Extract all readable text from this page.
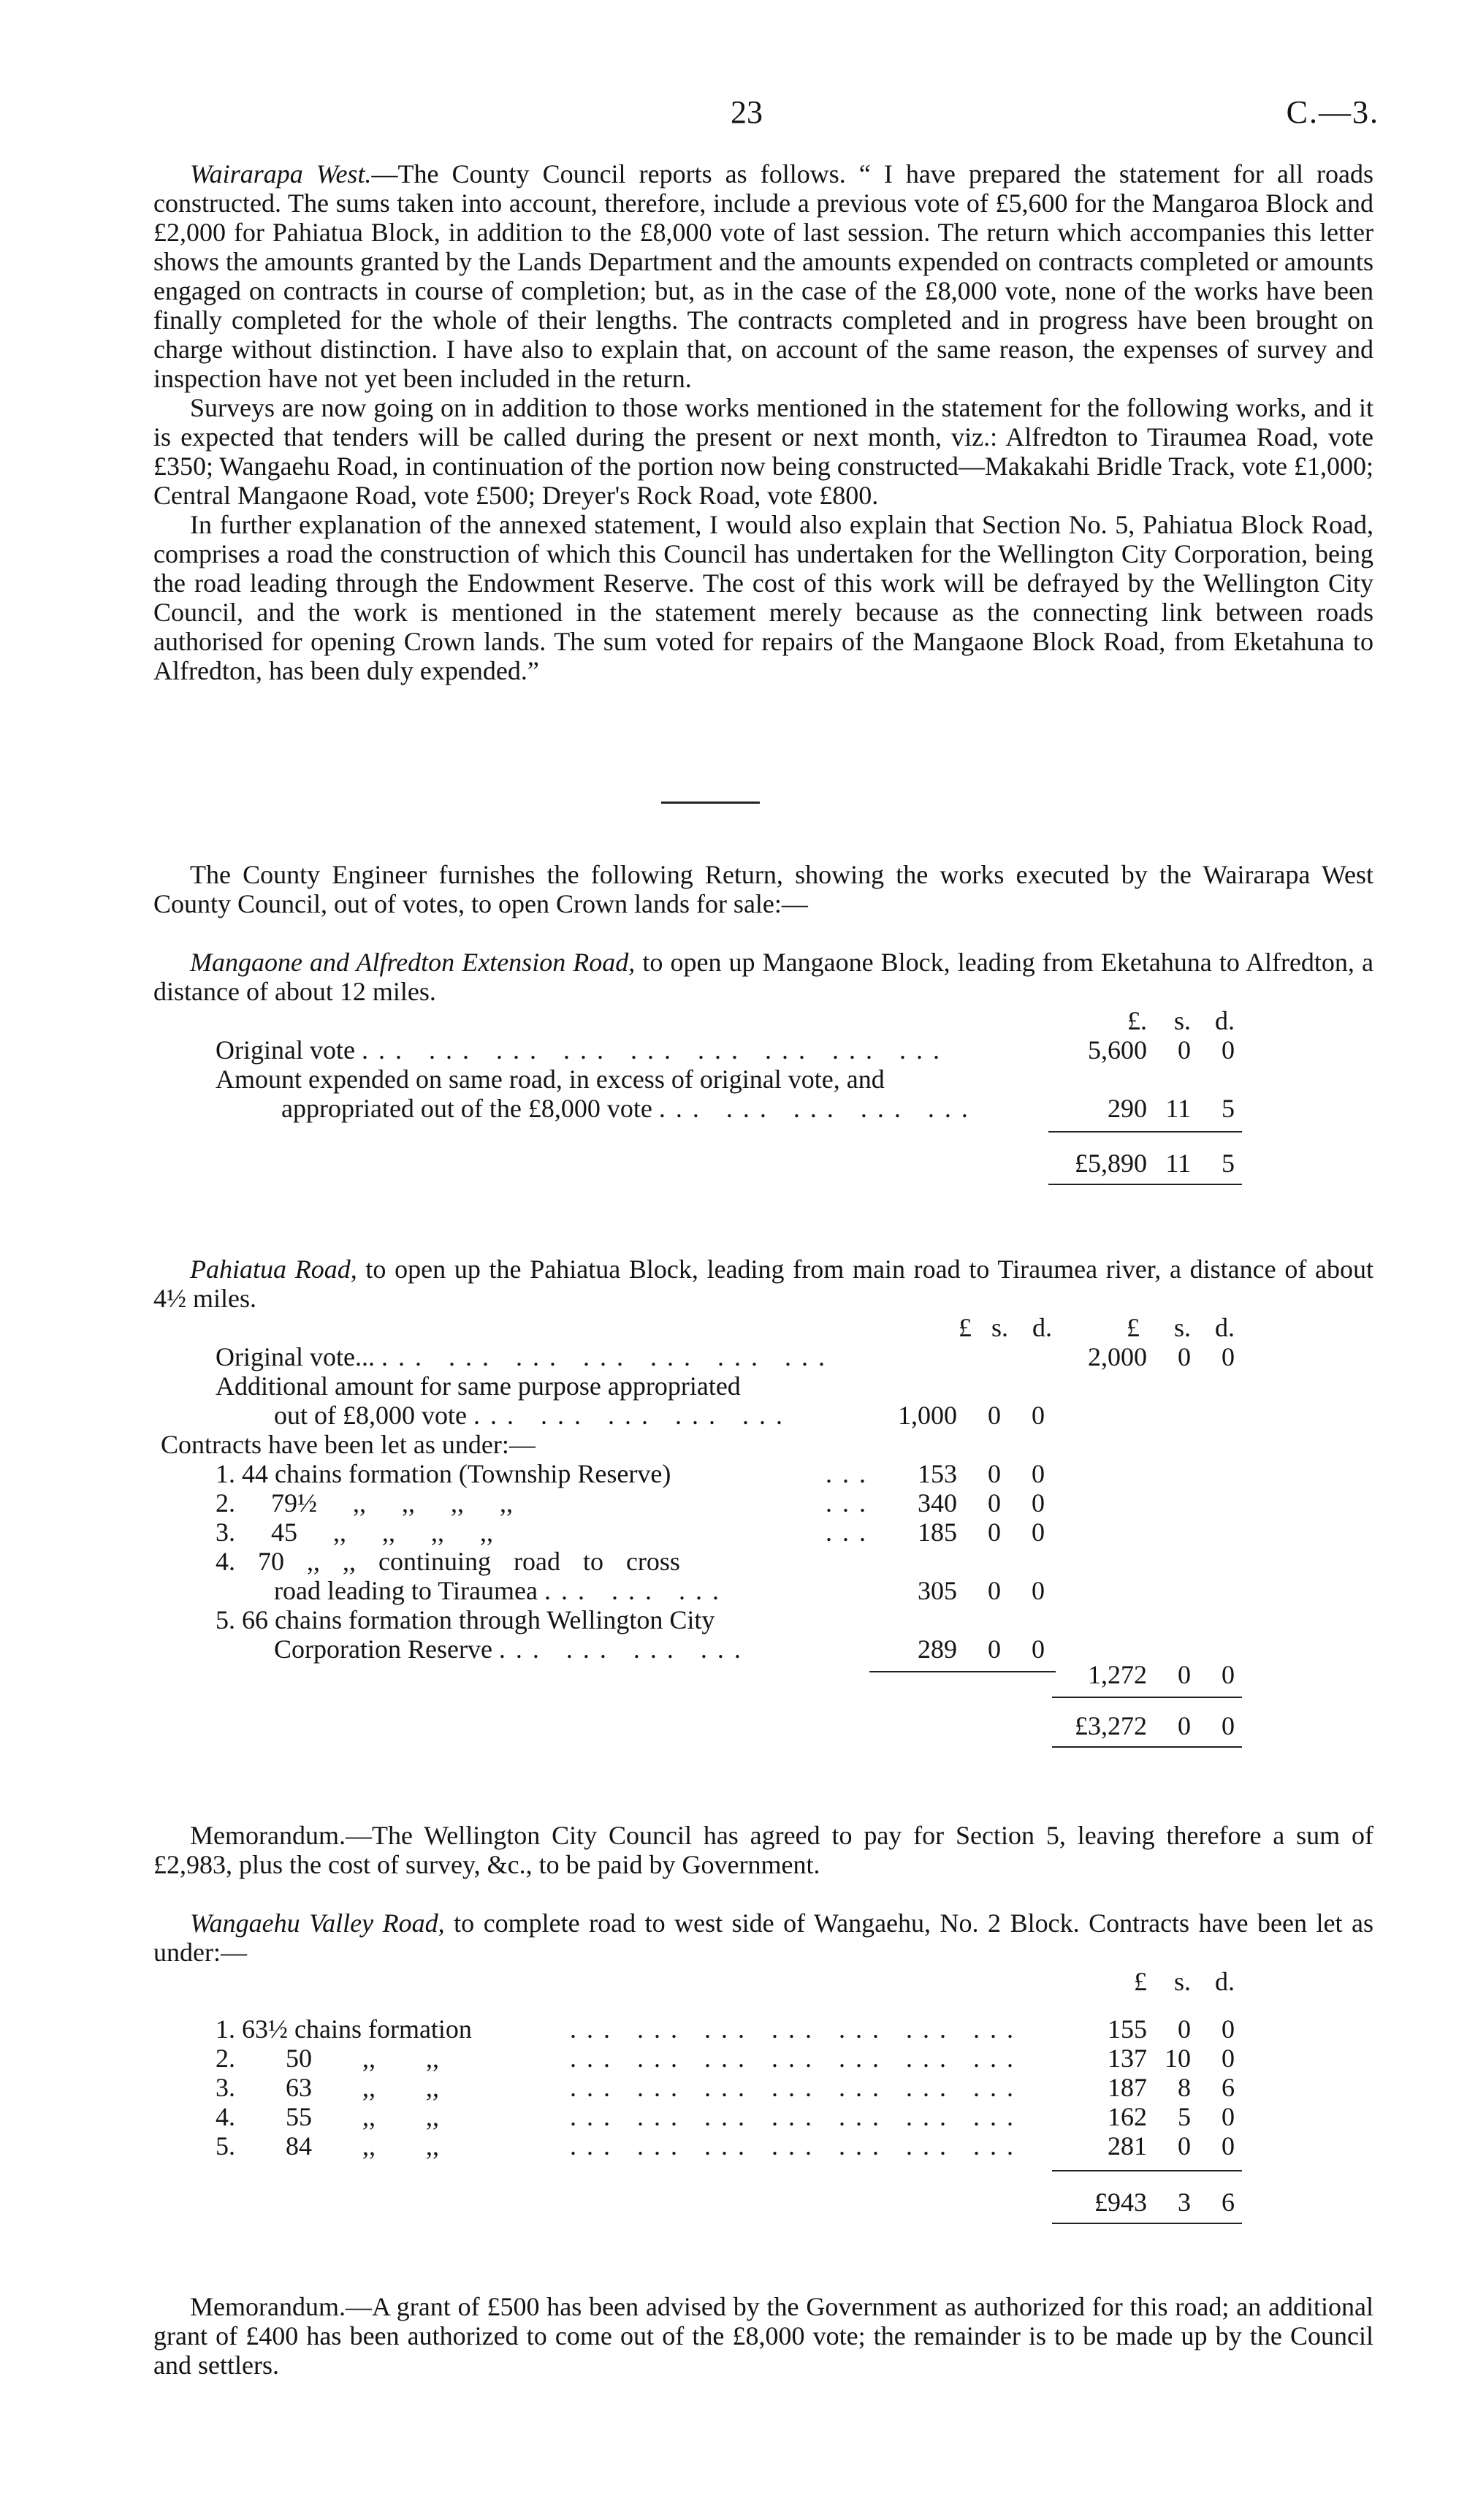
23	C.—3.

Wairarapa West.—The County Council reports as follows. “ I have prepared the statement for all roads constructed. The sums taken into account, therefore, include a previous vote of £5,600 for the Mangaroa Block and £2,000 for Pahiatua Block, in addition to the £8,000 vote of last session. The return which accompanies this letter shows the amounts granted by the Lands Department and the amounts expended on contracts completed or amounts engaged on contracts in course of completion; but, as in the case of the £8,000 vote, none of the works have been finally completed for the whole of their lengths. The contracts completed and in progress have been brought on charge without distinction. I have also to explain that, on account of the same reason, the expenses of survey and inspection have not yet been included in the return.

Surveys are now going on in addition to those works mentioned in the statement for the following works, and it is expected that tenders will be called during the present or next month, viz.: Alfredton to Tiraumea Road, vote £350; Wangaehu Road, in continuation of the portion now being constructed—Makakahi Bridle Track, vote £1,000; Central Mangaone Road, vote £500; Dreyer's Rock Road, vote £800.

In further explanation of the annexed statement, I would also explain that Section No. 5, Pahiatua Block Road, comprises a road the construction of which this Council has undertaken for the Wellington City Corporation, being the road leading through the Endowment Reserve. The cost of this work will be defrayed by the Wellington City Council, and the work is mentioned in the statement merely because as the connecting link between roads authorised for opening Crown lands. The sum voted for repairs of the Mangaone Block Road, from Eketahuna to Alfredton, has been duly expended.”

The County Engineer furnishes the following Return, showing the works executed by the Wairarapa West County Council, out of votes, to open Crown lands for sale:—

Mangaone and Alfredton Extension Road, to open up Mangaone Block, leading from Eketahuna to Alfredton, a distance of about 12 miles.

£.	s. d.
Original vote ... ... ... ... ... ... ... ... ...	5,600	0	0
Amount expended on same road, in excess of original vote, and
appropriated out of the £8,000 vote ... ... ... ... ...	290 11	5
£5,890 11	5

Pahiatua Road, to open up the Pahiatua Block, leading from main road to Tiraumea river, a distance of about 4½ miles.

£ s. d.	£	s. d.
Original vote... ... ... ... ... ... ... ...	2,000	0	0
Additional amount for same purpose appropriated
out of £8,000 vote ... ... ... ... ...	1,000	0	0
Contracts have been let as under:—
1. 44 chains formation (Township Reserve)	...	153	0	0
2. 79½ ,, ,, ,, ,,	...	340	0	0
3. 45 ,, ,, ,, ,,	...	185	0	0
4. 70 ,, ,, continuing road to cross
road leading to Tiraumea ... ... ...	305	0	0
5. 66 chains formation through Wellington City
Corporation Reserve ... ... ... ...	289	0	0
1,272	0	0
£3,272	0	0

Memorandum.—The Wellington City Council has agreed to pay for Section 5, leaving therefore a sum of £2,983, plus the cost of survey, &c., to be paid by Government.

Wangaehu Valley Road, to complete road to west side of Wangaehu, No. 2 Block. Contracts have been let as under:—

£	s. d.
1. 63½ chains formation	... ... ... ... ... ... ...	155	0	0
2. 50 ,, ,,	... ... ... ... ... ... ...	137 10	0
3. 63 ,, ,,	... ... ... ... ... ... ...	187	8	6
4. 55 ,, ,,	... ... ... ... ... ... ...	162	5	0
5. 84 ,, ,,	... ... ... ... ... ... ...	281	0	0
£943	3	6

Memorandum.—A grant of £500 has been advised by the Government as authorized for this road; an additional grant of £400 has been authorized to come out of the £8,000 vote; the remainder is to be made up by the Council and settlers.
